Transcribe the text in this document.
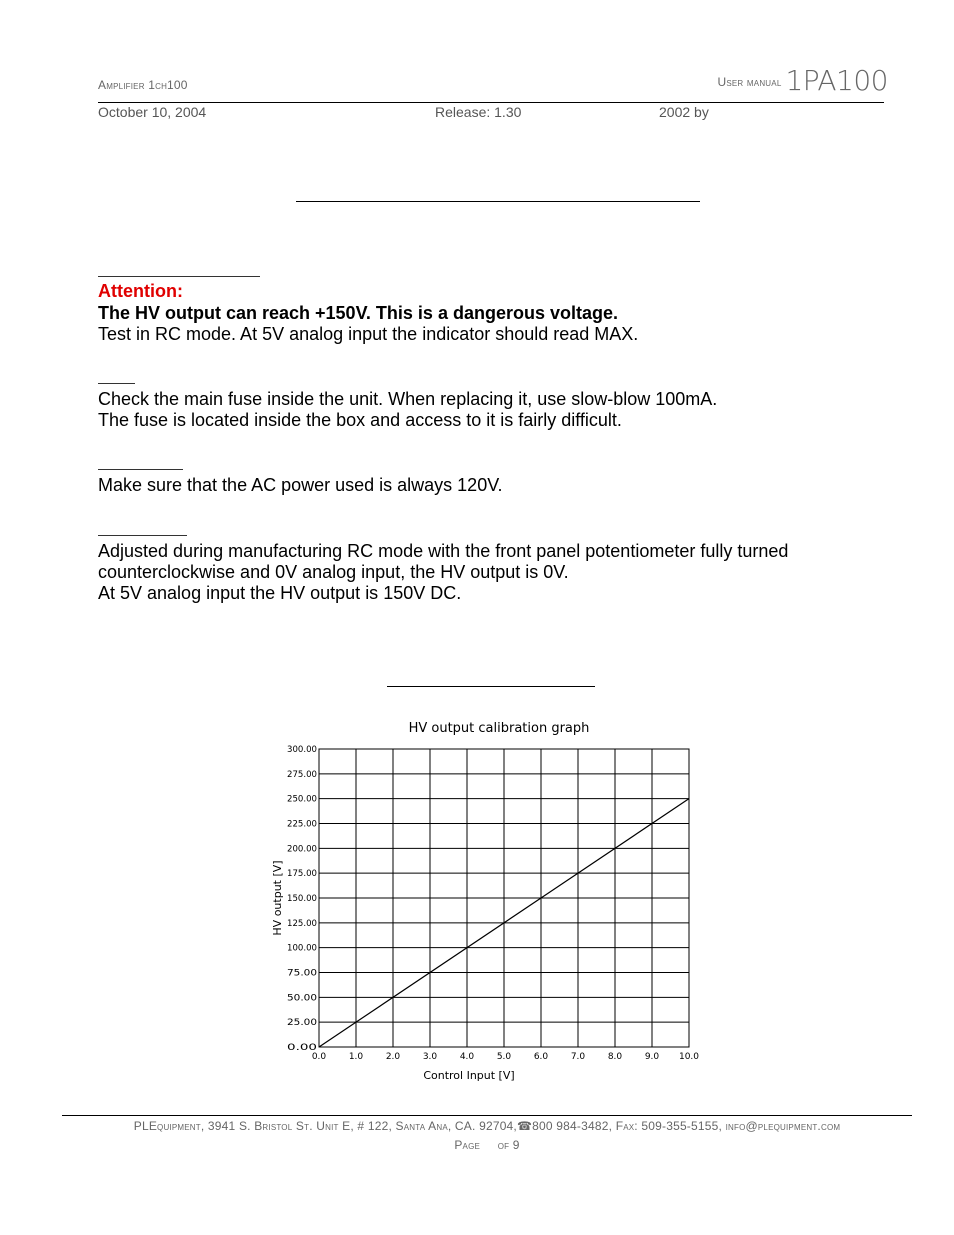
Amplifier 1ch100	$^{User manual}$ 1PA100
October 10, 2004	Release: 1.30	2002 by
Attention:
The HV output can reach +150V. This is a dangerous voltage.
Test in RC mode. At 5V analog input the indicator should read MAX.
Check the main fuse inside the unit. When replacing it, use slow-blow 100mA.
The fuse is located inside the box and access to it is fairly difficult.
Make sure that the AC power used is always 120V.
Adjusted during manufacturing RC mode with the front panel potentiometer fully turned
counterclockwise and 0V analog input, the HV output is 0V.
At 5V analog input the HV output is 150V DC.
HV output calibration graph
0.0	1.0	2.0	3.0	4.0	5.0	6.0	7.0	8.0	9.0 10.0
0.00
25.00
50.00
75.00
100.00
125.00
150.00
175.00
200.00
225.00
250.00
275.00
300.00
Control Input [V]
HV output [V]
PLEquipment, 3941 S. Bristol St. Unit E, # 122, Santa Ana, CA. 92704,☎800 984-3482, Fax: 509-355-5155, info@plequipment.com
Page of 9
